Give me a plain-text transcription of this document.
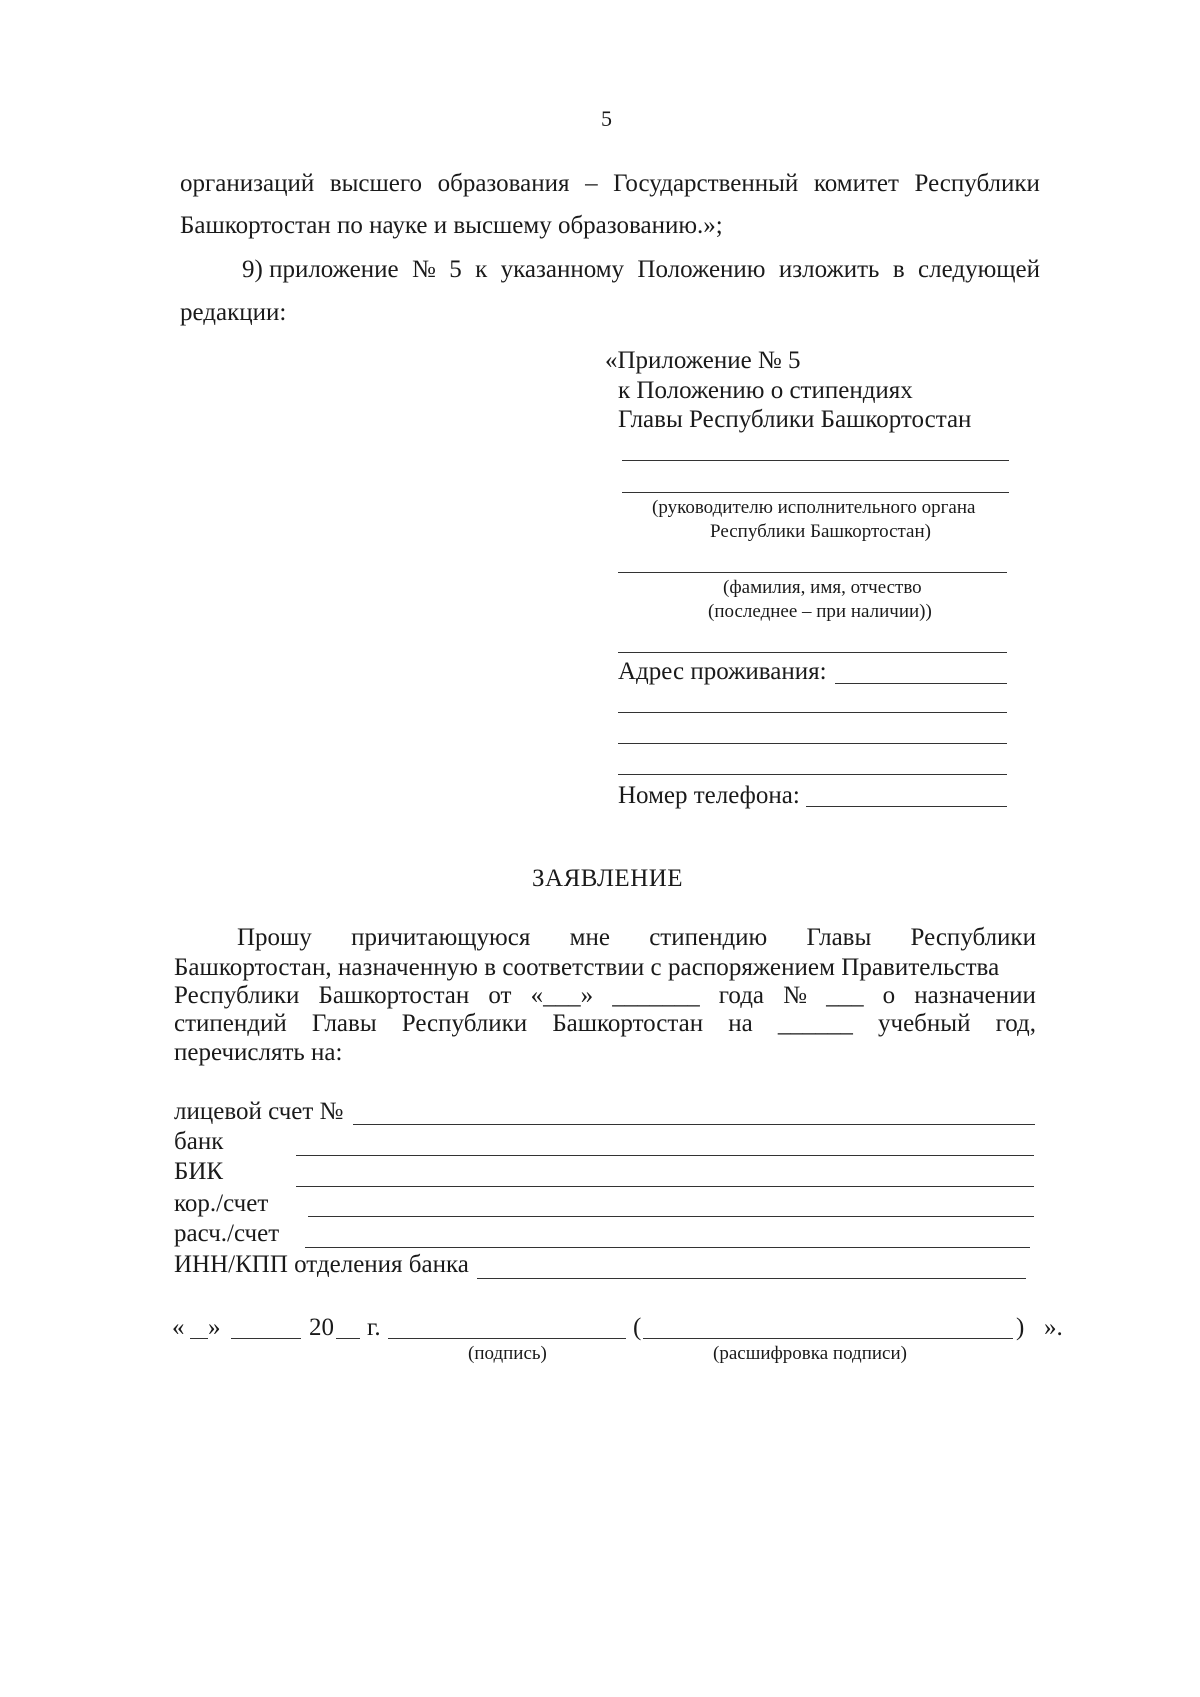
5
организаций высшего образования – Государственный комитет Республики
Башкортостан по науке и высшему образованию.»;
9) приложение № 5 к указанному Положению изложить в следующей
редакции:
«Приложение № 5
к Положению о стипендиях
Главы Республики Башкортостан
(руководителю исполнительного органа
Республики Башкортостан)
(фамилия, имя, отчество
(последнее – при наличии))
Адрес проживания:
Номер телефона:
ЗАЯВЛЕНИЕ
Прошу причитающуюся мне стипендию Главы Республики
Башкортостан, назначенную в соответствии с распоряжением Правительства
Республики Башкортостан от «___» _______ года № ___ о назначении
стипендий Главы Республики Башкортостан на ______ учебный год,
перечислять на:
лицевой счет №
банк
БИК
кор./счет
расч./счет
ИНН/КПП отделения банка
« »	20 г.	(	) ».
(подпись)	(расшифровка подписи)
